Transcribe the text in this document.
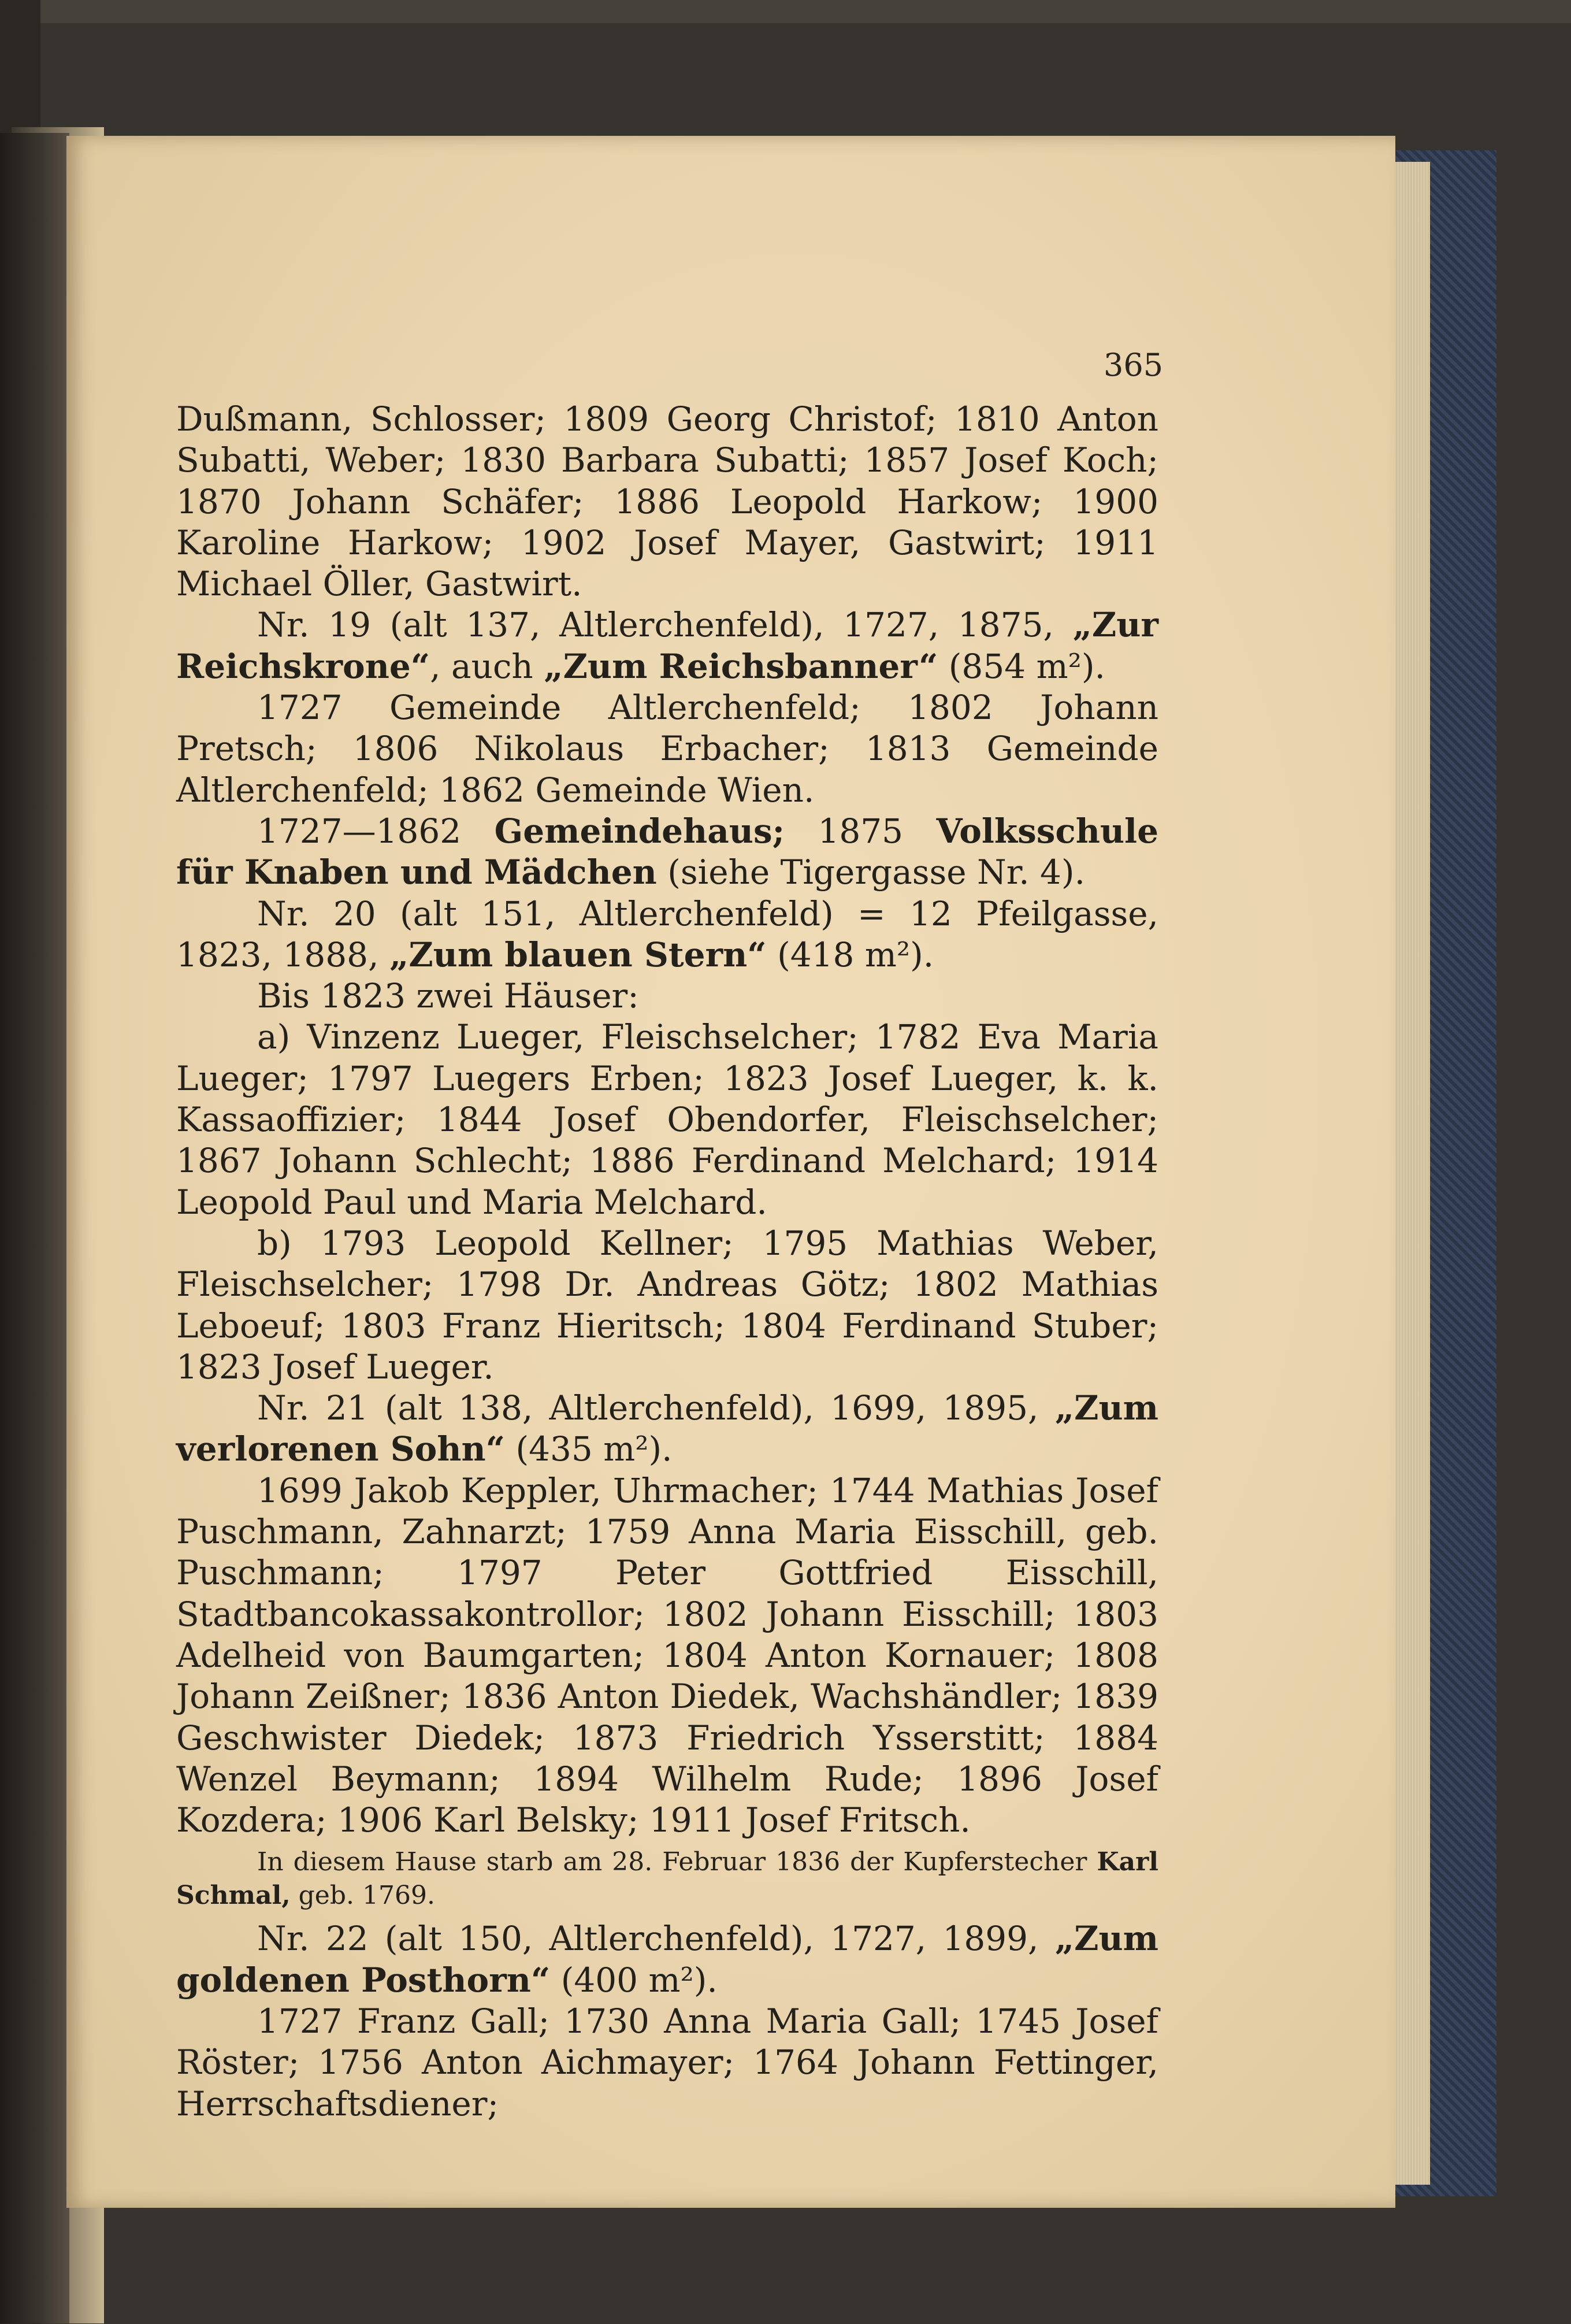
365

Dußmann, Schlosser; 1809 Georg Christof; 1810 Anton Subatti, Weber; 1830 Barbara Subatti; 1857 Josef Koch; 1870 Johann Schäfer; 1886 Leopold Harkow; 1900 Karoline Harkow; 1902 Josef Mayer, Gastwirt; 1911 Michael Öller, Gastwirt.

Nr. 19 (alt 137, Altlerchenfeld), 1727, 1875, „Zur Reichskrone“, auch „Zum Reichsbanner“ (854 m²).

1727 Gemeinde Altlerchenfeld; 1802 Johann Pretsch; 1806 Nikolaus Erbacher; 1813 Gemeinde Altlerchenfeld; 1862 Gemeinde Wien.

1727—1862 Gemeindehaus; 1875 Volksschule für Knaben und Mädchen (siehe Tigergasse Nr. 4).

Nr. 20 (alt 151, Altlerchenfeld) = 12 Pfeilgasse, 1823, 1888, „Zum blauen Stern“ (418 m²).

Bis 1823 zwei Häuser:

a) Vinzenz Lueger, Fleischselcher; 1782 Eva Maria Lueger; 1797 Luegers Erben; 1823 Josef Lueger, k. k. Kassaoffizier; 1844 Josef Obendorfer, Fleischselcher; 1867 Johann Schlecht; 1886 Ferdinand Melchard; 1914 Leopold Paul und Maria Melchard.

b) 1793 Leopold Kellner; 1795 Mathias Weber, Fleischselcher; 1798 Dr. Andreas Götz; 1802 Mathias Leboeuf; 1803 Franz Hieritsch; 1804 Ferdinand Stuber; 1823 Josef Lueger.

Nr. 21 (alt 138, Altlerchenfeld), 1699, 1895, „Zum verlorenen Sohn“ (435 m²).

1699 Jakob Keppler, Uhrmacher; 1744 Mathias Josef Puschmann, Zahnarzt; 1759 Anna Maria Eisschill, geb. Puschmann; 1797 Peter Gottfried Eisschill, Stadtbancokassakontrollor; 1802 Johann Eisschill; 1803 Adelheid von Baumgarten; 1804 Anton Kornauer; 1808 Johann Zeißner; 1836 Anton Diedek, Wachshändler; 1839 Geschwister Diedek; 1873 Friedrich Ysserstitt; 1884 Wenzel Beymann; 1894 Wilhelm Rude; 1896 Josef Kozdera; 1906 Karl Belsky; 1911 Josef Fritsch.

In diesem Hause starb am 28. Februar 1836 der Kupferstecher Karl Schmal, geb. 1769.

Nr. 22 (alt 150, Altlerchenfeld), 1727, 1899, „Zum goldenen Posthorn“ (400 m²).

1727 Franz Gall; 1730 Anna Maria Gall; 1745 Josef Röster; 1756 Anton Aichmayer; 1764 Johann Fettinger, Herrschaftsdiener;
